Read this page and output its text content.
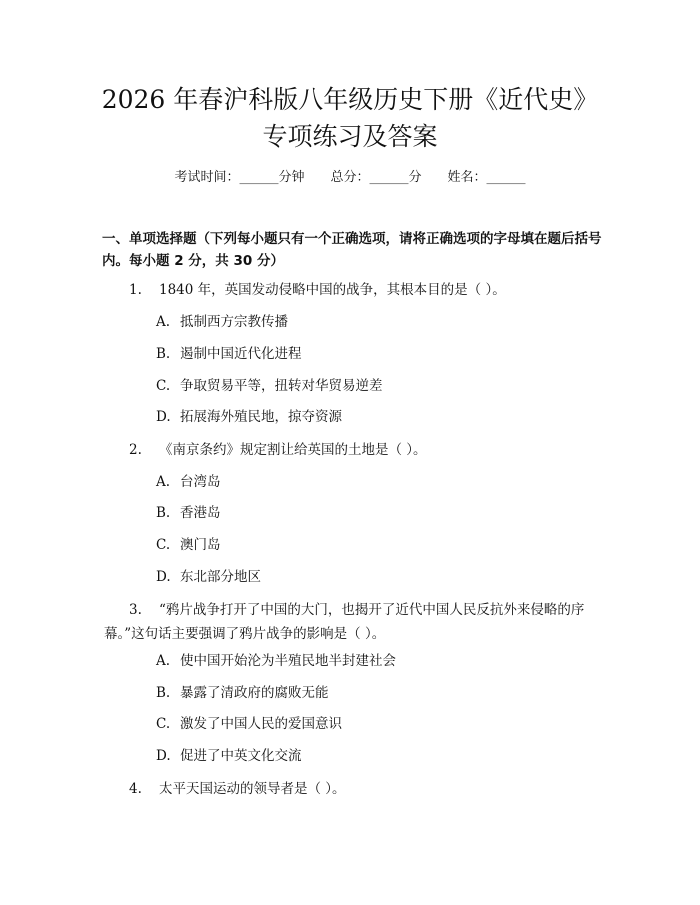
2026 年春沪科版八年级历史下册《近代史》
专项练习及答案
考试时间：______分钟 总分：______分 姓名：______
一、单项选择题（下列每小题只有一个正确选项，请将正确选项的字母填在题后括号内。每小题 2 分，共 30 分）
1. 1840 年，英国发动侵略中国的战争，其根本目的是（ ）。
A. 抵制西方宗教传播
B. 遏制中国近代化进程
C. 争取贸易平等，扭转对华贸易逆差
D. 拓展海外殖民地，掠夺资源
2. 《南京条约》规定割让给英国的土地是（ ）。
A. 台湾岛
B. 香港岛
C. 澳门岛
D. 东北部分地区
3. “鸦片战争打开了中国的大门，也揭开了近代中国人民反抗外来侵略的序幕。”这句话主要强调了鸦片战争的影响是（ ）。
A. 使中国开始沦为半殖民地半封建社会
B. 暴露了清政府的腐败无能
C. 激发了中国人民的爱国意识
D. 促进了中英文化交流
4. 太平天国运动的领导者是（ ）。
